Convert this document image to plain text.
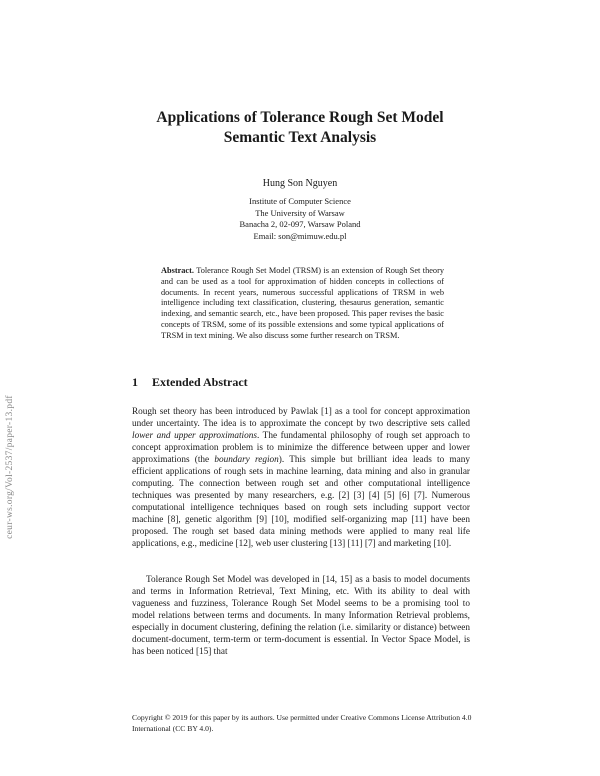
ceur-ws.org/Vol-2537/paper-13.pdf
Applications of Tolerance Rough Set Model
Semantic Text Analysis
Hung Son Nguyen
Institute of Computer Science
The University of Warsaw
Banacha 2, 02-097, Warsaw Poland
Email: son@mimuw.edu.pl

Abstract. Tolerance Rough Set Model (TRSM) is an extension of Rough Set theory and can be used as a tool for approximation of hidden concepts in collections of documents. In recent years, numerous successful applications of TRSM in web intelligence including text classification, clustering, thesaurus generation, semantic indexing, and semantic search, etc., have been proposed. This paper revises the basic concepts of TRSM, some of its possible extensions and some typical applications of TRSM in text mining. We also discuss some further research on TRSM.

1 Extended Abstract

Rough set theory has been introduced by Pawlak [1] as a tool for concept approximation under uncertainty. The idea is to approximate the concept by two descriptive sets called lower and upper approximations. The fundamental philosophy of rough set approach to concept approximation problem is to minimize the difference between upper and lower approximations (the boundary region). This simple but brilliant idea leads to many efficient applications of rough sets in machine learning, data mining and also in granular computing. The connection between rough set and other computational intelligence techniques was presented by many researchers, e.g. [2] [3] [4] [5] [6] [7]. Numerous computational intelligence techniques based on rough sets including support vector machine [8], genetic algorithm [9] [10], modified self-organizing map [11] have been proposed. The rough set based data mining methods were applied to many real life applications, e.g., medicine [12], web user clustering [13] [11] [7] and marketing [10].

Tolerance Rough Set Model was developed in [14, 15] as a basis to model documents and terms in Information Retrieval, Text Mining, etc. With its ability to deal with vagueness and fuzziness, Tolerance Rough Set Model seems to be a promising tool to model relations between terms and documents. In many Information Retrieval problems, especially in document clustering, defining the relation (i.e. similarity or distance) between document-document, term-term or term-document is essential. In Vector Space Model, is has been noticed [15] that

Copyright © 2019 for this paper by its authors. Use permitted under Creative Commons License Attribution 4.0 International (CC BY 4.0).
